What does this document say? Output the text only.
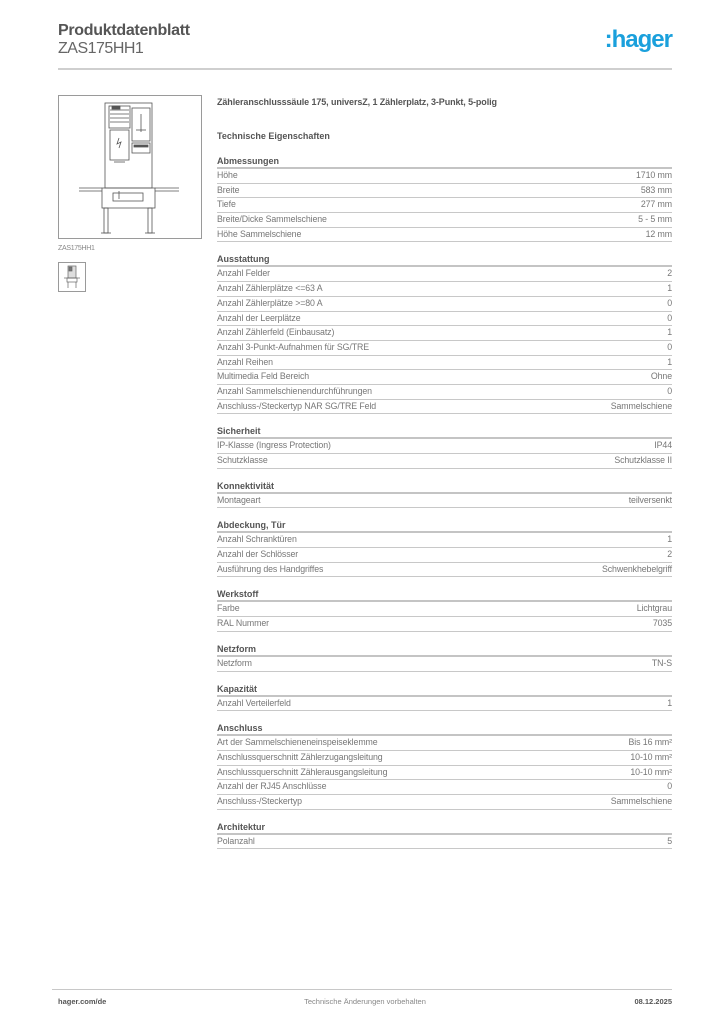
Produktdatenblatt
ZAS175HH1	:hager
ZAS175HH1
Zähleranschlusssäule 175, universZ, 1 Zählerplatz, 3-Punkt, 5-polig
Technische Eigenschaften
Abmessungen
Höhe	1710 mm
Breite	583 mm
Tiefe	277 mm
Breite/Dicke Sammelschiene	5 - 5 mm
Höhe Sammelschiene	12 mm
Ausstattung
Anzahl Felder	2
Anzahl Zählerplätze <=63 A	1
Anzahl Zählerplätze >=80 A	0
Anzahl der Leerplätze	0
Anzahl Zählerfeld (Einbausatz)	1
Anzahl 3-Punkt-Aufnahmen für SG/TRE	0
Anzahl Reihen	1
Multimedia Feld Bereich	Ohne
Anzahl Sammelschienendurchführungen	0
Anschluss-/Steckertyp NAR SG/TRE Feld	Sammelschiene
Sicherheit
IP-Klasse (Ingress Protection)	IP44
Schutzklasse	Schutzklasse II
Konnektivität
Montageart	teilversenkt
Abdeckung, Tür
Anzahl Schranktüren	1
Anzahl der Schlösser	2
Ausführung des Handgriffes	Schwenkhebelgriff
Werkstoff
Farbe	Lichtgrau
RAL Nummer	7035
Netzform
Netzform	TN-S
Kapazität
Anzahl Verteilerfeld	1
Anschluss
Art der Sammelschieneneinspeiseklemme	Bis 16 mm²
Anschlussquerschnitt Zählerzugangsleitung	10-10 mm²
Anschlussquerschnitt Zählerausgangsleitung	10-10 mm²
Anzahl der RJ45 Anschlüsse	0
Anschluss-/Steckertyp	Sammelschiene
Architektur
Polanzahl	5
hager.com/de	Technische Änderungen vorbehalten	08.12.2025
